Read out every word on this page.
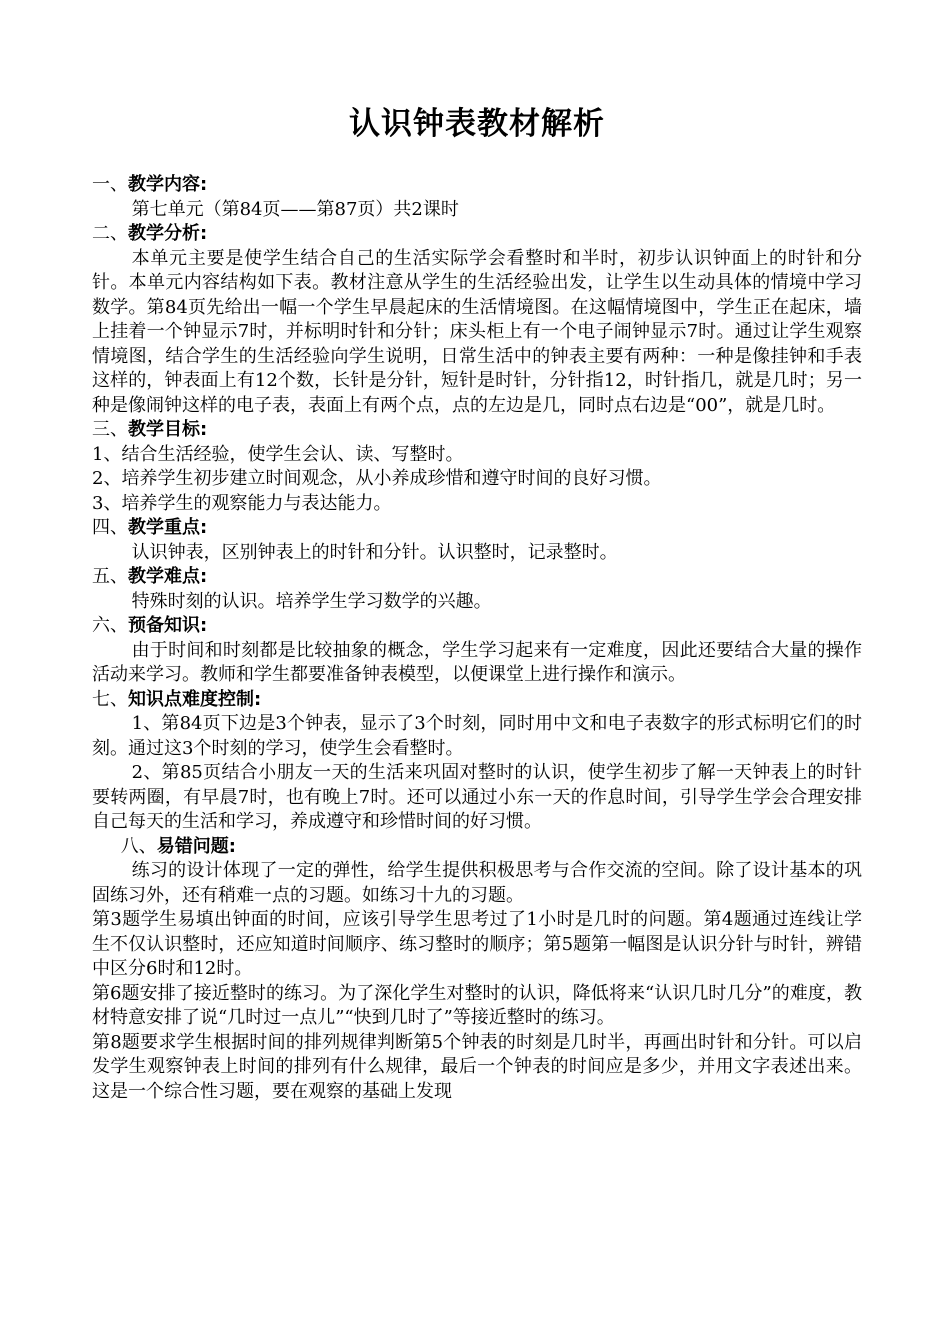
认识钟表教材解析
一、教学内容:

第七单元（第84页——第87页）共2课时

二、教学分析:

本单元主要是使学生结合自己的生活实际学会看整时和半时，初步认识钟面上的时针和分针。本单元内容结构如下表。教材注意从学生的生活经验出发，让学生以生动具体的情境中学习数学。第84页先给出一幅一个学生早晨起床的生活情境图。在这幅情境图中，学生正在起床，墙上挂着一个钟显示7时，并标明时针和分针；床头柜上有一个电子闹钟显示7时。通过让学生观察情境图，结合学生的生活经验向学生说明，日常生活中的钟表主要有两种：一种是像挂钟和手表这样的，钟表面上有12个数，长针是分针，短针是时针，分针指12，时针指几，就是几时；另一种是像闹钟这样的电子表，表面上有两个点，点的左边是几，同时点右边是“00”，就是几时。

三、教学目标:

1、结合生活经验，使学生会认、读、写整时。

2、培养学生初步建立时间观念，从小养成珍惜和遵守时间的良好习惯。

3、培养学生的观察能力与表达能力。

四、教学重点:

认识钟表，区别钟表上的时针和分针。认识整时，记录整时。

五、教学难点:

特殊时刻的认识。培养学生学习数学的兴趣。

六、预备知识:

由于时间和时刻都是比较抽象的概念，学生学习起来有一定难度，因此还要结合大量的操作活动来学习。教师和学生都要准备钟表模型，以便课堂上进行操作和演示。

七、知识点难度控制:

1、第84页下边是3个钟表，显示了3个时刻，同时用中文和电子表数字的形式标明它们的时刻。通过这3个时刻的学习，使学生会看整时。

2、第85页结合小朋友一天的生活来巩固对整时的认识，使学生初步了解一天钟表上的时针要转两圈，有早晨7时，也有晚上7时。还可以通过小东一天的作息时间，引导学生学会合理安排自己每天的生活和学习，养成遵守和珍惜时间的好习惯。

八、易错问题:

练习的设计体现了一定的弹性，给学生提供积极思考与合作交流的空间。除了设计基本的巩固练习外，还有稍难一点的习题。如练习十九的习题。

第3题学生易填出钟面的时间，应该引导学生思考过了1小时是几时的问题。第4题通过连线让学生不仅认识整时，还应知道时间顺序、练习整时的顺序；第5题第一幅图是认识分针与时针，辨错中区分6时和12时。

第6题安排了接近整时的练习。为了深化学生对整时的认识，降低将来“认识几时几分”的难度，教材特意安排了说“几时过一点儿”“快到几时了”等接近整时的练习。

第8题要求学生根据时间的排列规律判断第5个钟表的时刻是几时半，再画出时针和分针。可以启发学生观察钟表上时间的排列有什么规律，最后一个钟表的时间应是多少，并用文字表述出来。这是一个综合性习题，要在观察的基础上发现
